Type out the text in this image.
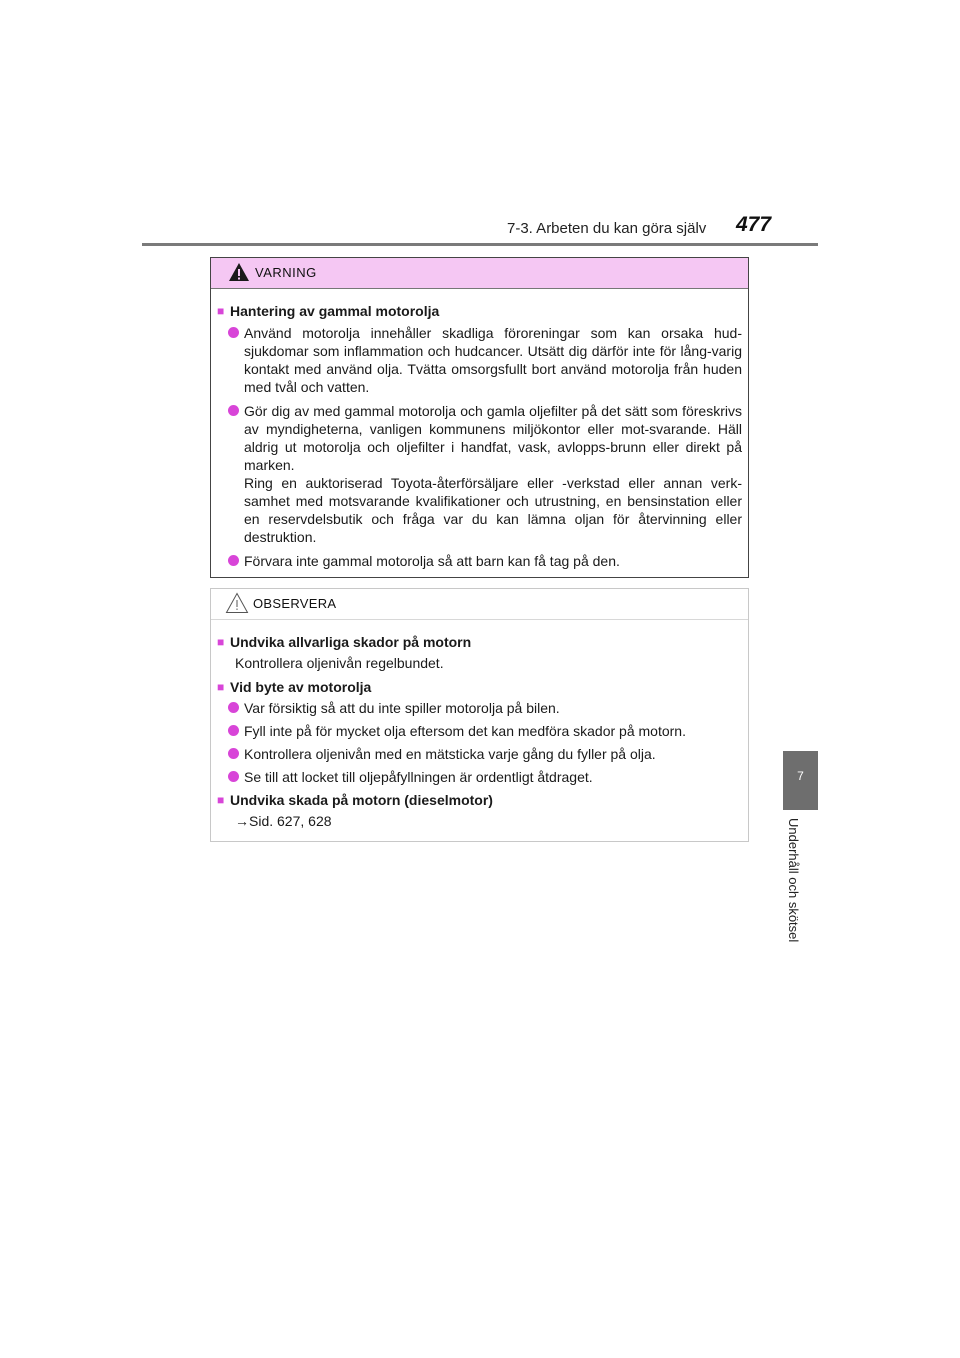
7-3. Arbeten du kan göra själv 477
7
Underhåll och skötsel
VARNING
■ Hantering av gammal motorolja
Använd motorolja innehåller skadliga föroreningar som kan orsaka hud-sjukdomar som inflammation och hudcancer. Utsätt dig därför inte för lång-varig kontakt med använd olja. Tvätta omsorgsfullt bort använd motorolja från huden med tvål och vatten.
Gör dig av med gammal motorolja och gamla oljefilter på det sätt som föreskrivs av myndigheterna, vanligen kommunens miljökontor eller mot-svarande. Häll aldrig ut motorolja och oljefilter i handfat, vask, avlopps-brunn eller direkt på marken.
Ring en auktoriserad Toyota-återförsäljare eller -verkstad eller annan verk-samhet med motsvarande kvalifikationer och utrustning, en bensinstation eller en reservdelsbutik och fråga var du kan lämna oljan för återvinning eller destruktion.
Förvara inte gammal motorolja så att barn kan få tag på den.
OBSERVERA
■ Undvika allvarliga skador på motorn
Kontrollera oljenivån regelbundet.
■ Vid byte av motorolja
Var försiktig så att du inte spiller motorolja på bilen.
Fyll inte på för mycket olja eftersom det kan medföra skador på motorn.
Kontrollera oljenivån med en mätsticka varje gång du fyller på olja.
Se till att locket till oljepåfyllningen är ordentligt åtdraget.
■ Undvika skada på motorn (dieselmotor)
→Sid. 627, 628
